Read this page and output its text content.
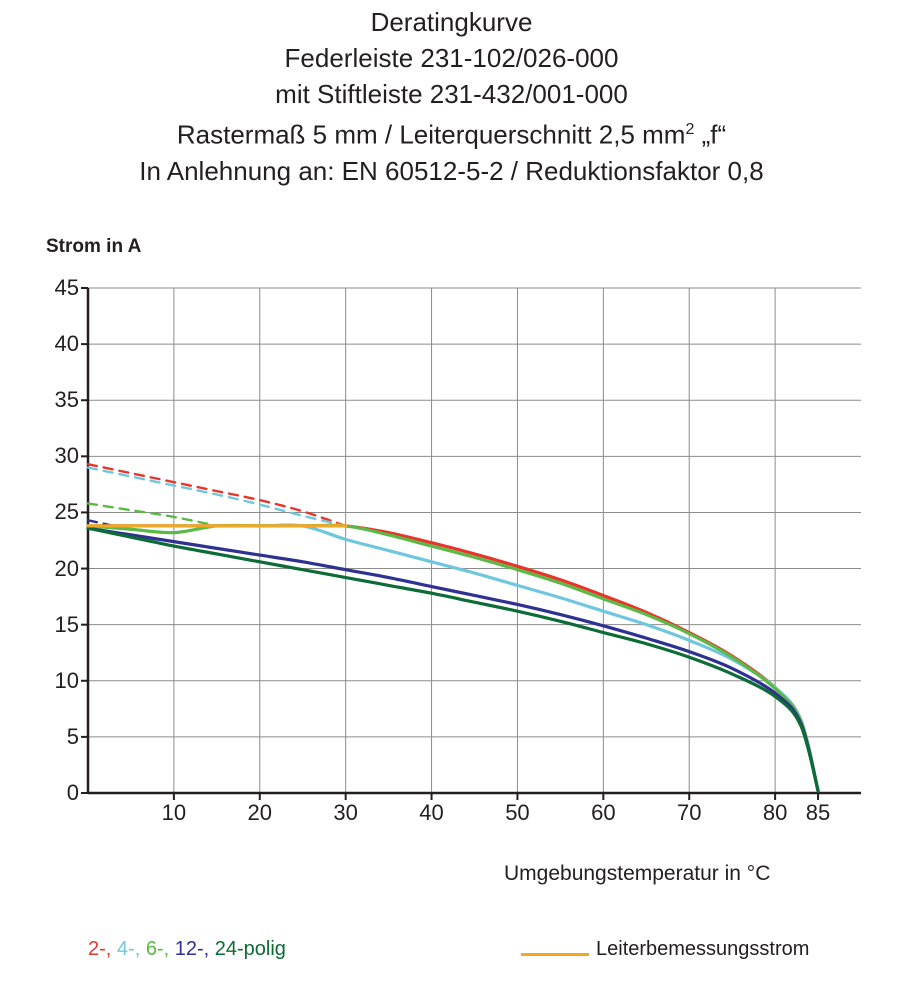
Deratingkurve
Federleiste 231-102/026-000
mit Stiftleiste 231-432/001-000
Rastermaß 5 mm / Leiterquerschnitt 2,5 $mm^2$ „f“
In Anlehnung an: EN 60512-5-2 / Reduktionsfaktor 0,8
Strom in A
0
5
10
15
20
25
30
35
40
45
10	20	30	40	50	60	70	80 85
Umgebungstemperatur in °C
2-, 4-, 6-, 12-, 24-polig	Leiterbemessungsstrom
